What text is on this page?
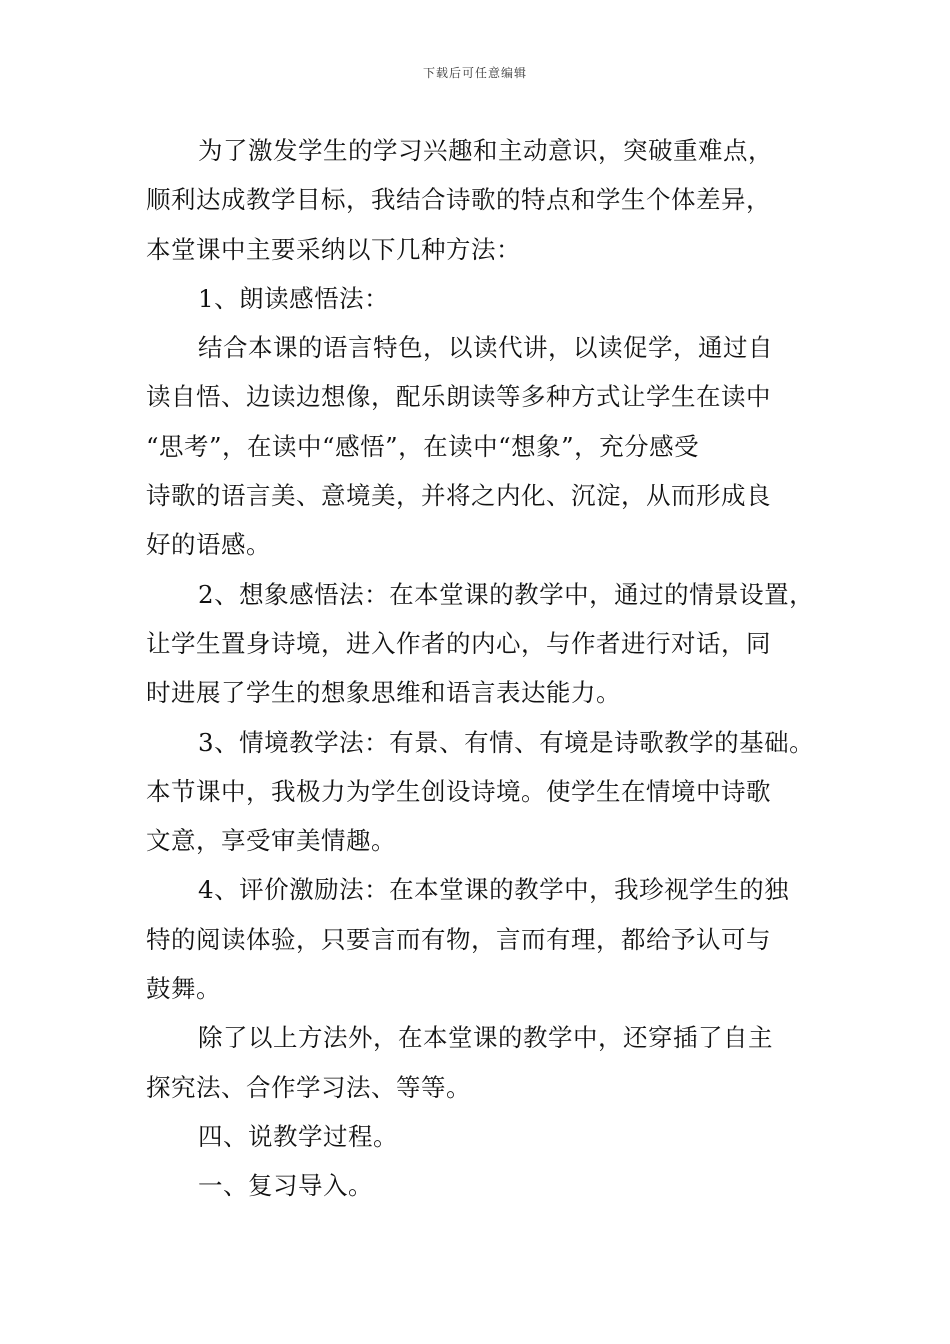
下载后可任意编辑

为了激发学生的学习兴趣和主动意识，突破重难点，
顺利达成教学目标，我结合诗歌的特点和学生个体差异，
本堂课中主要采纳以下几种方法：

1、朗读感悟法：

结合本课的语言特色，以读代讲，以读促学，通过自
读自悟、边读边想像，配乐朗读等多种方式让学生在读中
“思考”，在读中“感悟”，在读中“想象”，充分感受
诗歌的语言美、意境美，并将之内化、沉淀，从而形成良
好的语感。

2、想象感悟法：在本堂课的教学中，通过的情景设置，
让学生置身诗境，进入作者的内心，与作者进行对话，同
时进展了学生的想象思维和语言表达能力。

3、情境教学法：有景、有情、有境是诗歌教学的基础。
本节课中，我极力为学生创设诗境。使学生在情境中诗歌
文意，享受审美情趣。

4、评价激励法：在本堂课的教学中，我珍视学生的独
特的阅读体验，只要言而有物，言而有理，都给予认可与
鼓舞。

除了以上方法外，在本堂课的教学中，还穿插了自主
探究法、合作学习法、等等。

四、说教学过程。

一、复习导入。
